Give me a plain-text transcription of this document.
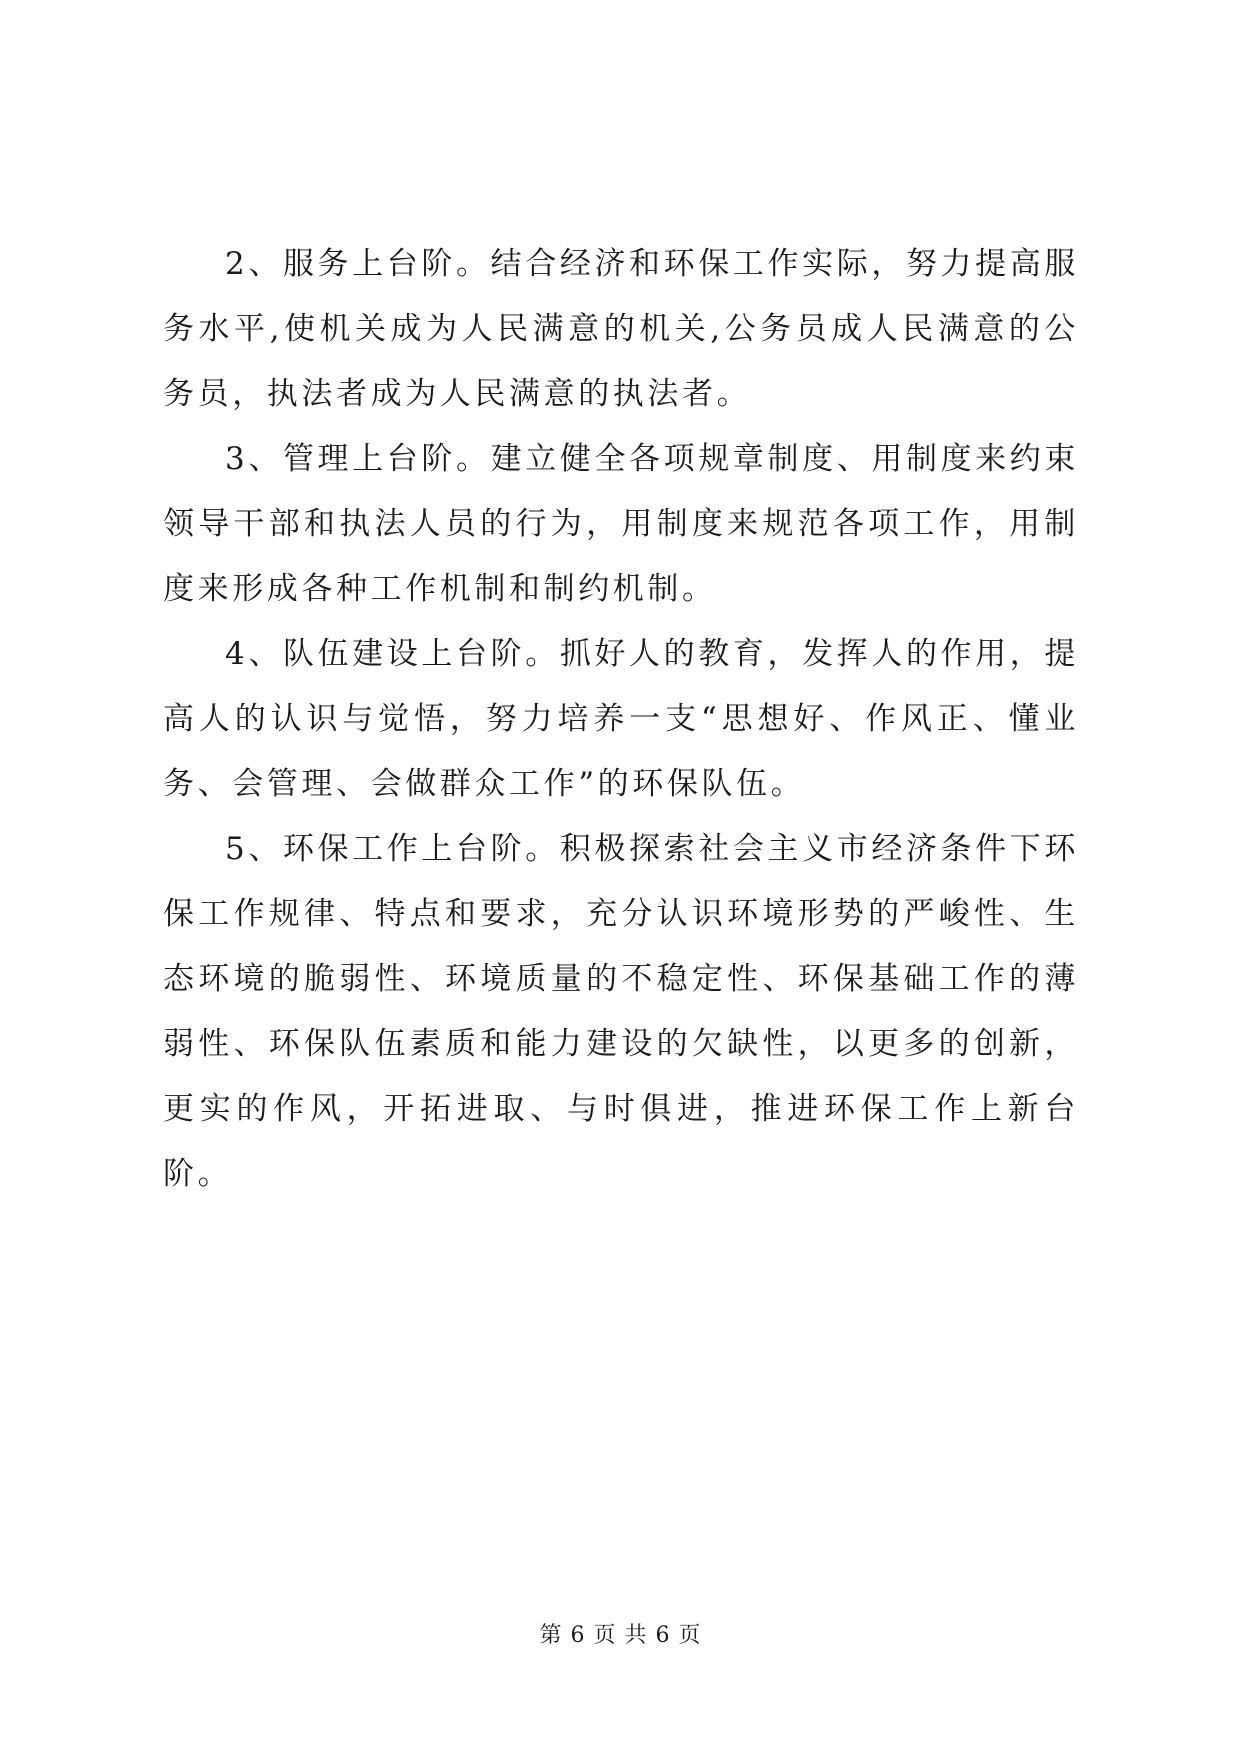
2、服务上台阶。结合经济和环保工作实际，努力提高服务水平,使机关成为人民满意的机关,公务员成人民满意的公务员，执法者成为人民满意的执法者。

3、管理上台阶。建立健全各项规章制度、用制度来约束领导干部和执法人员的行为，用制度来规范各项工作，用制度来形成各种工作机制和制约机制。

4、队伍建设上台阶。抓好人的教育，发挥人的作用，提高人的认识与觉悟，努力培养一支“思想好、作风正、懂业务、会管理、会做群众工作”的环保队伍。

5、环保工作上台阶。积极探索社会主义市经济条件下环保工作规律、特点和要求，充分认识环境形势的严峻性、生态环境的脆弱性、环境质量的不稳定性、环保基础工作的薄弱性、环保队伍素质和能力建设的欠缺性，以更多的创新，更实的作风，开拓进取、与时俱进，推进环保工作上新台阶。

第 6 页 共 6 页
